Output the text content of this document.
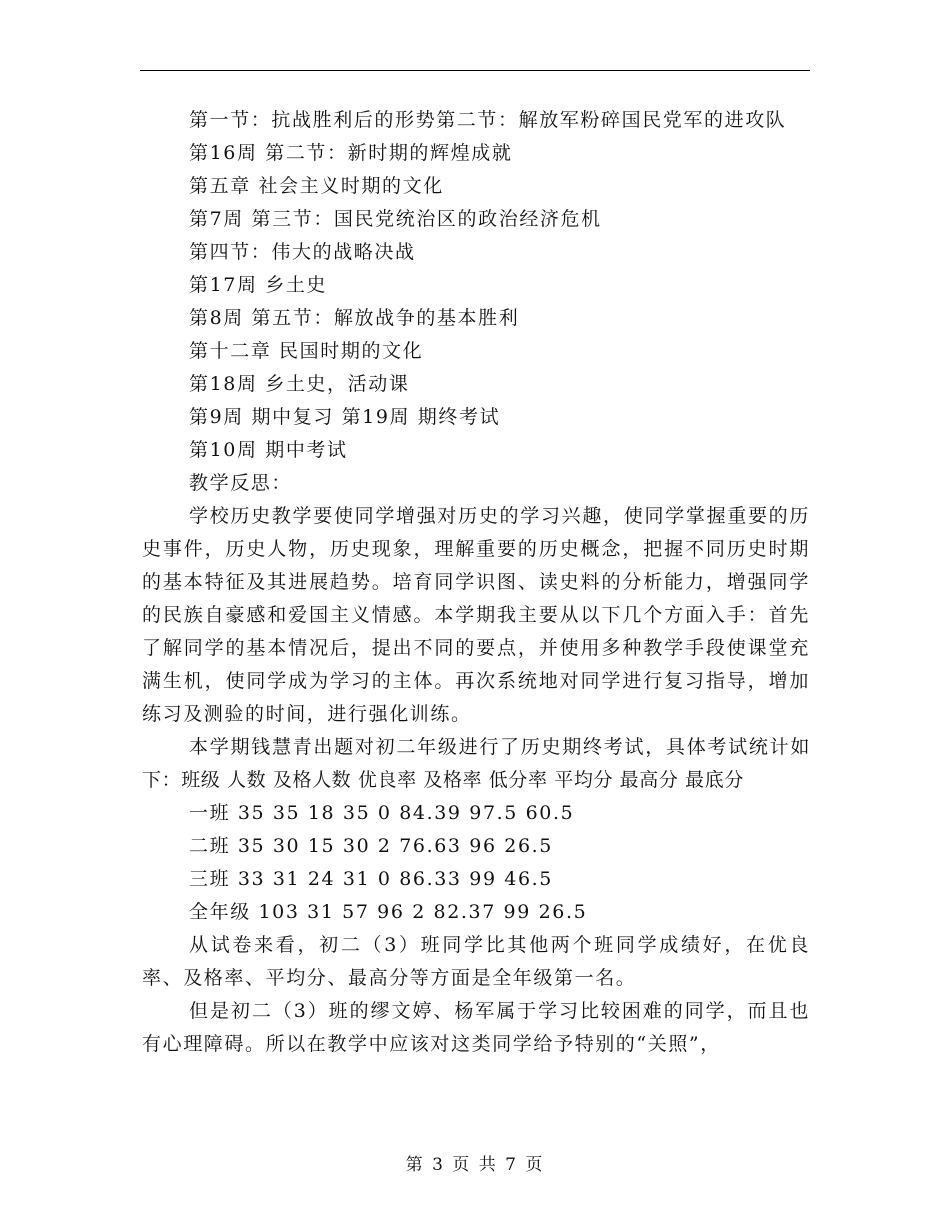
第一节：抗战胜利后的形势第二节：解放军粉碎国民党军的进攻队

第16周 第二节：新时期的辉煌成就

第五章 社会主义时期的文化

第7周 第三节：国民党统治区的政治经济危机

第四节：伟大的战略决战

第17周 乡土史

第8周 第五节：解放战争的基本胜利

第十二章 民国时期的文化

第18周 乡土史，活动课

第9周 期中复习 第19周 期终考试

第10周 期中考试

教学反思：

学校历史教学要使同学增强对历史的学习兴趣，使同学掌握重要的历史事件，历史人物，历史现象，理解重要的历史概念，把握不同历史时期的基本特征及其进展趋势。培育同学识图、读史料的分析能力，增强同学的民族自豪感和爱国主义情感。本学期我主要从以下几个方面入手：首先了解同学的基本情况后，提出不同的要点，并使用多种教学手段使课堂充满生机，使同学成为学习的主体。再次系统地对同学进行复习指导，增加练习及测验的时间，进行强化训练。

本学期钱慧青出题对初二年级进行了历史期终考试，具体考试统计如下：班级 人数 及格人数 优良率 及格率 低分率 平均分 最高分 最底分

一班 35 35 18 35 0 84.39 97.5 60.5

二班 35 30 15 30 2 76.63 96 26.5

三班 33 31 24 31 0 86.33 99 46.5

全年级 103 31 57 96 2 82.37 99 26.5

从试卷来看，初二（3）班同学比其他两个班同学成绩好，在优良率、及格率、平均分、最高分等方面是全年级第一名。

但是初二（3）班的缪文婷、杨军属于学习比较困难的同学，而且也有心理障碍。所以在教学中应该对这类同学给予特别的“关照”，

第 3 页 共 7 页
